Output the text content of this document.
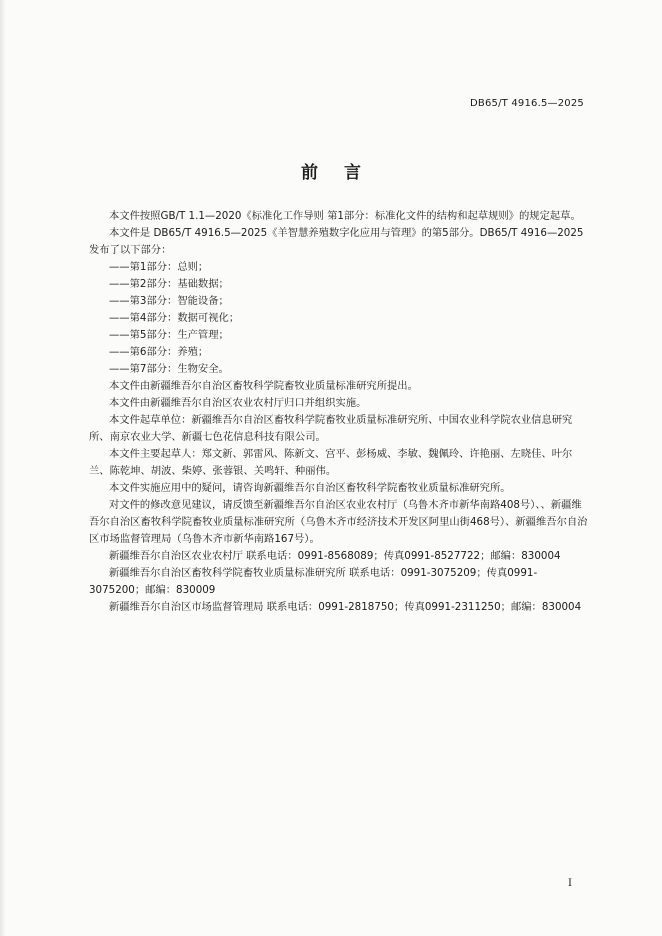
DB65/T 4916.5—2025
前言

本文件按照GB/T 1.1—2020《标准化工作导则 第1部分：标准化文件的结构和起草规则》的规定起草。

本文件是 DB65/T 4916.5—2025《羊智慧养殖数字化应用与管理》的第5部分。DB65/T 4916—2025发布了以下部分：

——第1部分：总则；

——第2部分：基础数据；

——第3部分：智能设备；

——第4部分：数据可视化；

——第5部分：生产管理；

——第6部分：养殖；

——第7部分：生物安全。

本文件由新疆维吾尔自治区畜牧科学院畜牧业质量标准研究所提出。

本文件由新疆维吾尔自治区农业农村厅归口并组织实施。

本文件起草单位：新疆维吾尔自治区畜牧科学院畜牧业质量标准研究所、中国农业科学院农业信息研究所、南京农业大学、新疆七色花信息科技有限公司。

本文件主要起草人：郑文新、郭雷风、陈新文、宫平、彭杨威、李敏、魏佩玲、许艳丽、左晓佳、叶尔兰、陈乾坤、胡波、柴婷、张蓉银、关鸣轩、种丽伟。

本文件实施应用中的疑问，请咨询新疆维吾尔自治区畜牧科学院畜牧业质量标准研究所。

对文件的修改意见建议，请反馈至新疆维吾尔自治区农业农村厅（乌鲁木齐市新华南路408号）、、新疆维吾尔自治区畜牧科学院畜牧业质量标准研究所（乌鲁木齐市经济技术开发区阿里山街468号）、新疆维吾尔自治区市场监督管理局（乌鲁木齐市新华南路167号）。

新疆维吾尔自治区农业农村厅 联系电话：0991-8568089；传真0991-8527722；邮编：830004

新疆维吾尔自治区畜牧科学院畜牧业质量标准研究所 联系电话：0991-3075209；传真0991-3075200；邮编：830009

新疆维吾尔自治区市场监督管理局 联系电话：0991-2818750；传真0991-2311250；邮编：830004

I
